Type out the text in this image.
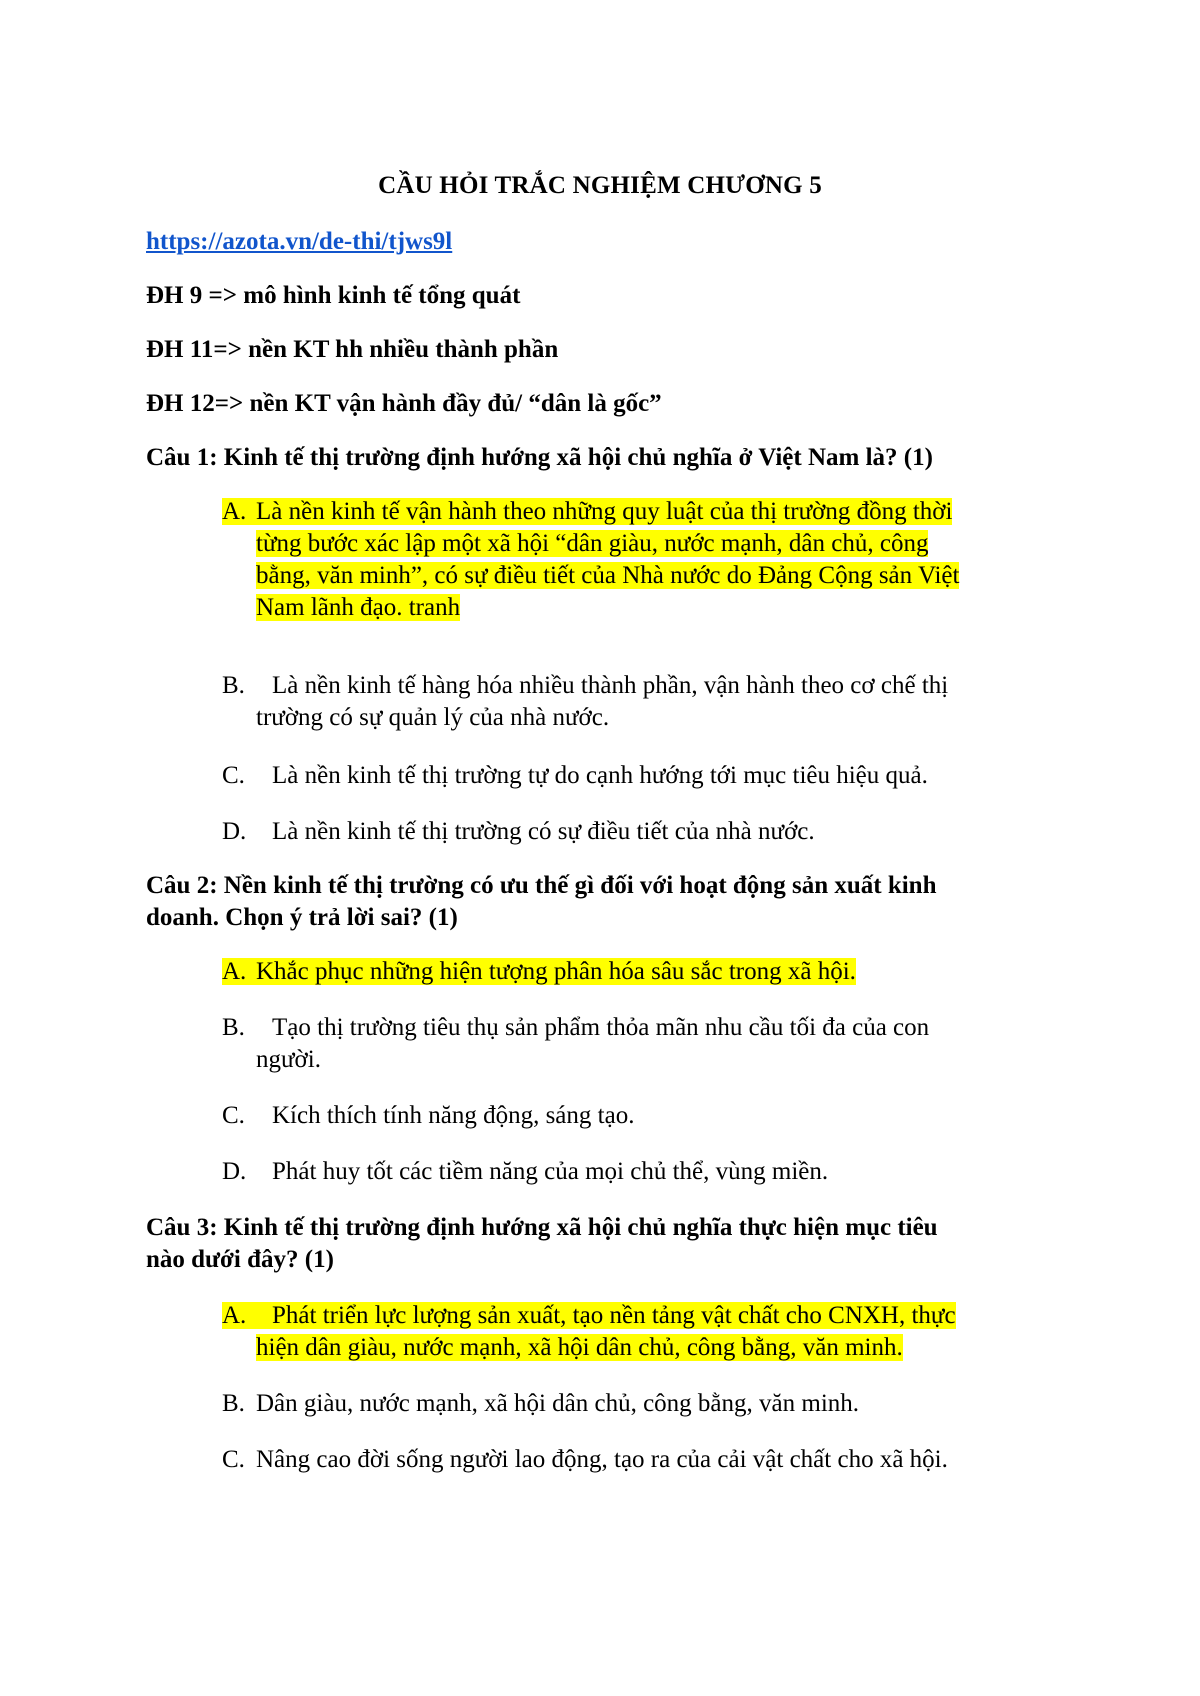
CẦU HỎI TRẮC NGHIỆM CHƯƠNG 5
https://azota.vn/de-thi/tjws9l
ĐH 9 => mô hình kinh tế tổng quát
ĐH 11=> nền KT hh nhiều thành phần
ĐH 12=> nền KT vận hành đầy đủ/ “dân là gốc”
Câu 1: Kinh tế thị trường định hướng xã hội chủ nghĩa ở Việt Nam là? (1)
A. Là nền kinh tế vận hành theo những quy luật của thị trường đồng thời
từng bước xác lập một xã hội “dân giàu, nước mạnh, dân chủ, công
bằng, văn minh”, có sự điều tiết của Nhà nước do Đảng Cộng sản Việt
Nam lãnh đạo. tranh
B. Là nền kinh tế hàng hóa nhiều thành phần, vận hành theo cơ chế thị
trường có sự quản lý của nhà nước.
C. Là nền kinh tế thị trường tự do cạnh hướng tới mục tiêu hiệu quả.
D. Là nền kinh tế thị trường có sự điều tiết của nhà nước.
Câu 2: Nền kinh tế thị trường có ưu thế gì đối với hoạt động sản xuất kinh
doanh. Chọn ý trả lời sai? (1)
A. Khắc phục những hiện tượng phân hóa sâu sắc trong xã hội.
B. Tạo thị trường tiêu thụ sản phẩm thỏa mãn nhu cầu tối đa của con
người.
C. Kích thích tính năng động, sáng tạo.
D. Phát huy tốt các tiềm năng của mọi chủ thể, vùng miền.
Câu 3: Kinh tế thị trường định hướng xã hội chủ nghĩa thực hiện mục tiêu
nào dưới đây? (1)
A. Phát triển lực lượng sản xuất, tạo nền tảng vật chất cho CNXH, thực
hiện dân giàu, nước mạnh, xã hội dân chủ, công bằng, văn minh.
B. Dân giàu, nước mạnh, xã hội dân chủ, công bằng, văn minh.
C. Nâng cao đời sống người lao động, tạo ra của cải vật chất cho xã hội.
